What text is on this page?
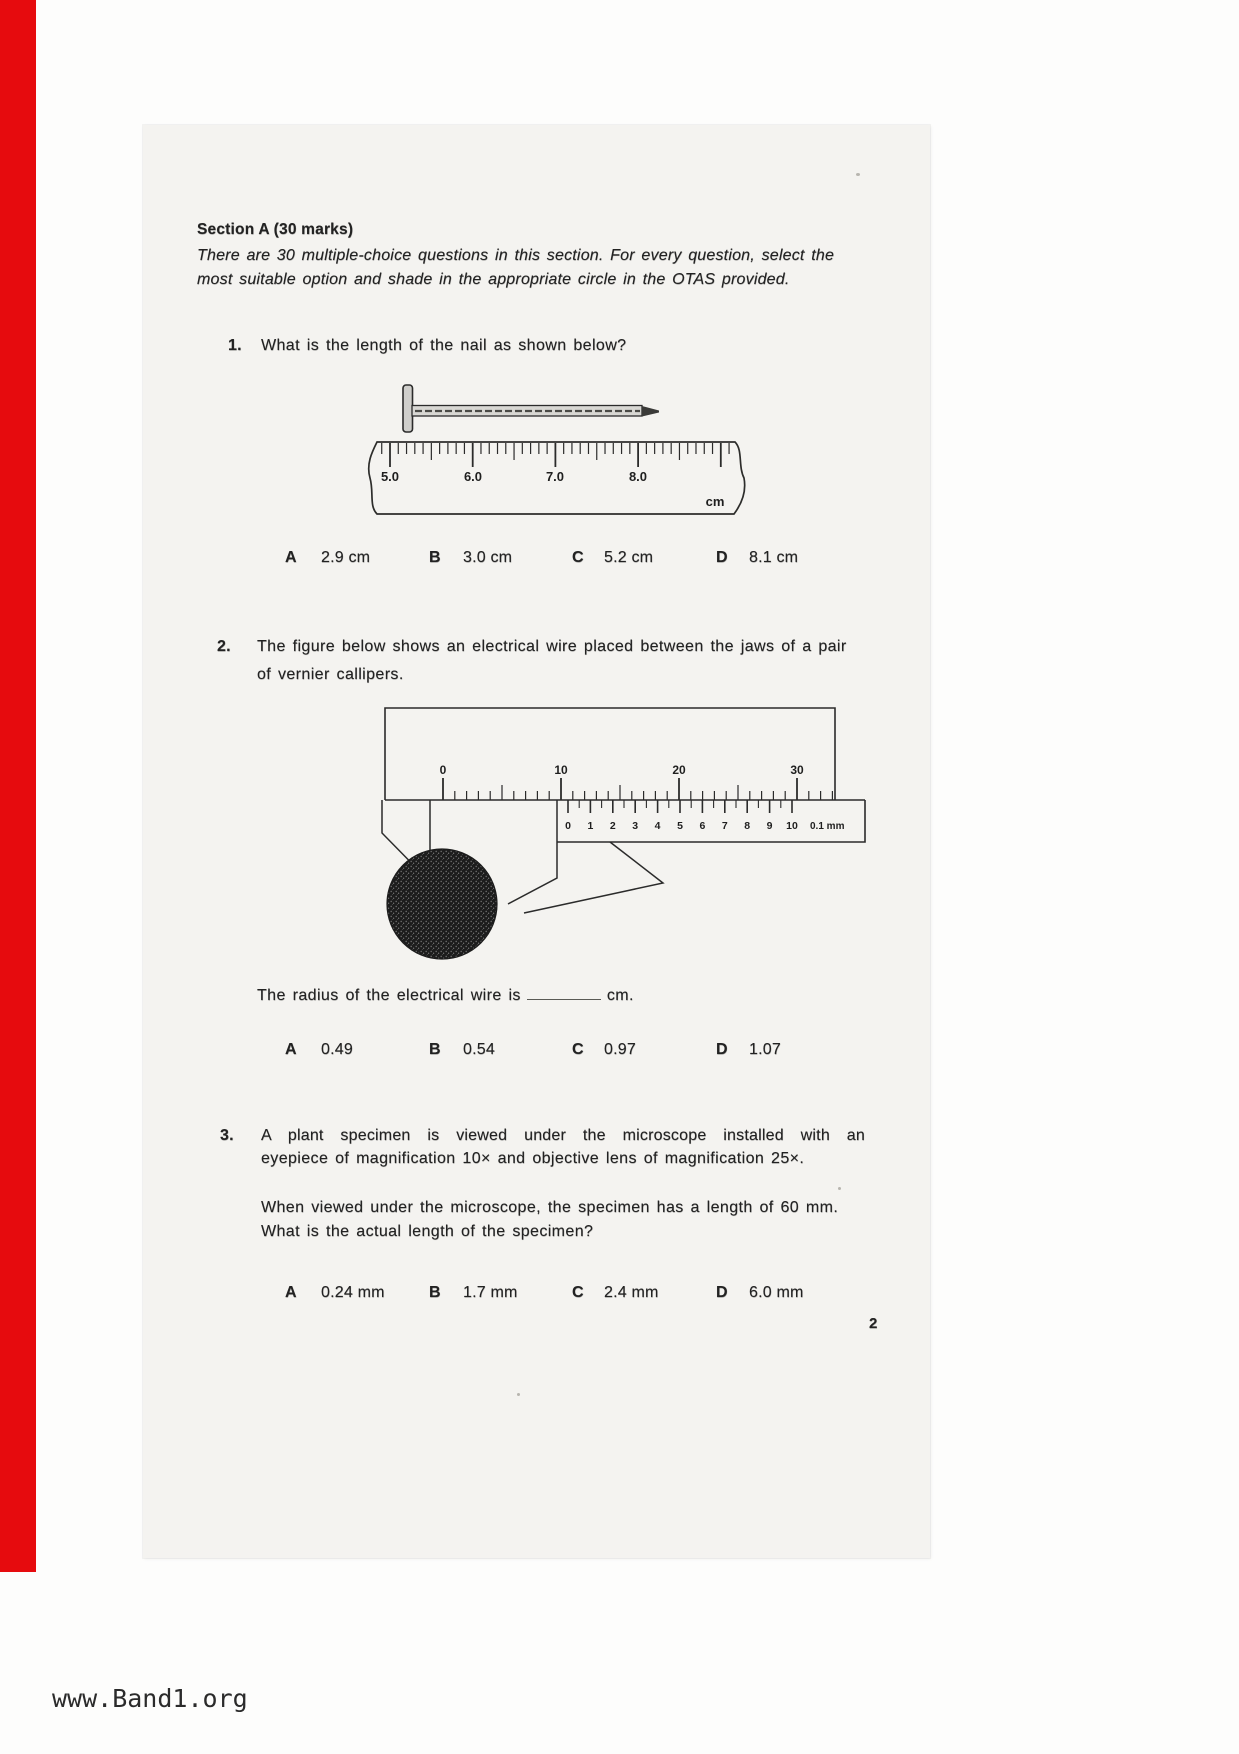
Section A (30 marks)
There are 30 multiple-choice questions in this section. For every question, select the
most suitable option and shade in the appropriate circle in the OTAS provided.
1. What is the length of the nail as shown below?
5.0	6.0	7.0	8.0
cm
A 2.9 cm	B 3.0 cm	C 5.2 cm	D 8.1 cm
2. The figure below shows an electrical wire placed between the jaws of a pair
of vernier callipers.
0	10	20	30
0 1 2 3 4 5 6 7 8 9 10 0.1 mm
The radius of the electrical wire is	cm.
A 0.49	B 0.54	C 0.97	D 1.07
3. A plant specimen is viewed under the microscope installed with an
eyepiece of magnification 10× and objective lens of magnification 25×.
When viewed under the microscope, the specimen has a length of 60 mm.
What is the actual length of the specimen?
A 0.24 mm	B 1.7 mm	C 2.4 mm	D 6.0 mm
2
www.Band1.org
